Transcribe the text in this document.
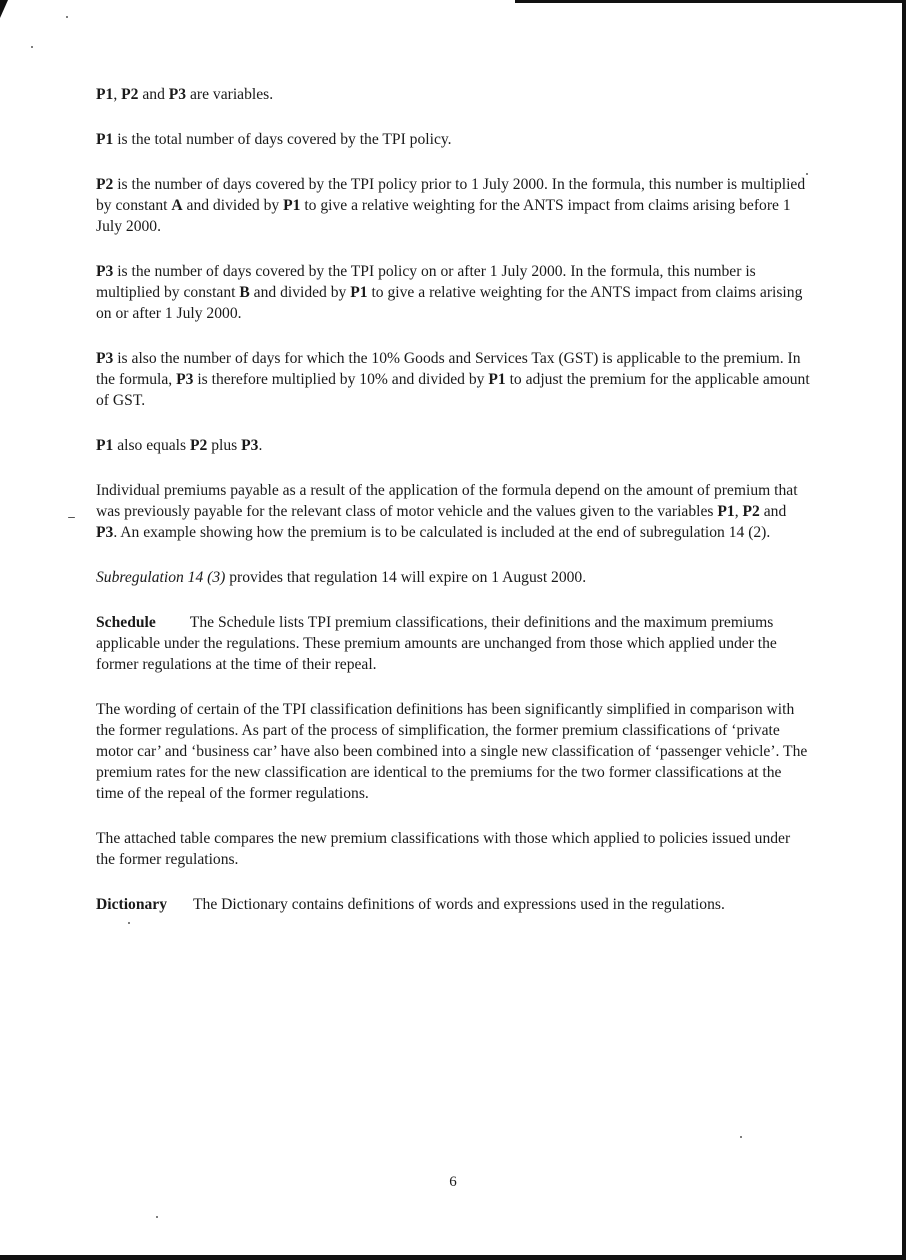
P1, P2 and P3 are variables.

P1 is the total number of days covered by the TPI policy.

P2 is the number of days covered by the TPI policy prior to 1 July 2000. In the formula, this number is multiplied by constant A and divided by P1 to give a relative weighting for the ANTS impact from claims arising before 1 July 2000.

P3 is the number of days covered by the TPI policy on or after 1 July 2000. In the formula, this number is multiplied by constant B and divided by P1 to give a relative weighting for the ANTS impact from claims arising on or after 1 July 2000.

P3 is also the number of days for which the 10% Goods and Services Tax (GST) is applicable to the premium. In the formula, P3 is therefore multiplied by 10% and divided by P1 to adjust the premium for the applicable amount of GST.

P1 also equals P2 plus P3.

Individual premiums payable as a result of the application of the formula depend on the amount of premium that was previously payable for the relevant class of motor vehicle and the values given to the variables P1, P2 and P3. An example showing how the premium is to be calculated is included at the end of subregulation 14 (2).

Subregulation 14 (3) provides that regulation 14 will expire on 1 August 2000.

Schedule The Schedule lists TPI premium classifications, their definitions and the maximum premiums applicable under the regulations. These premium amounts are unchanged from those which applied under the former regulations at the time of their repeal.

The wording of certain of the TPI classification definitions has been significantly simplified in comparison with the former regulations. As part of the process of simplification, the former premium classifications of ‘private motor car’ and ‘business car’ have also been combined into a single new classification of ‘passenger vehicle’. The premium rates for the new classification are identical to the premiums for the two former classifications at the time of the repeal of the former regulations.

The attached table compares the new premium classifications with those which applied to policies issued under the former regulations.

Dictionary The Dictionary contains definitions of words and expressions used in the regulations.

6
